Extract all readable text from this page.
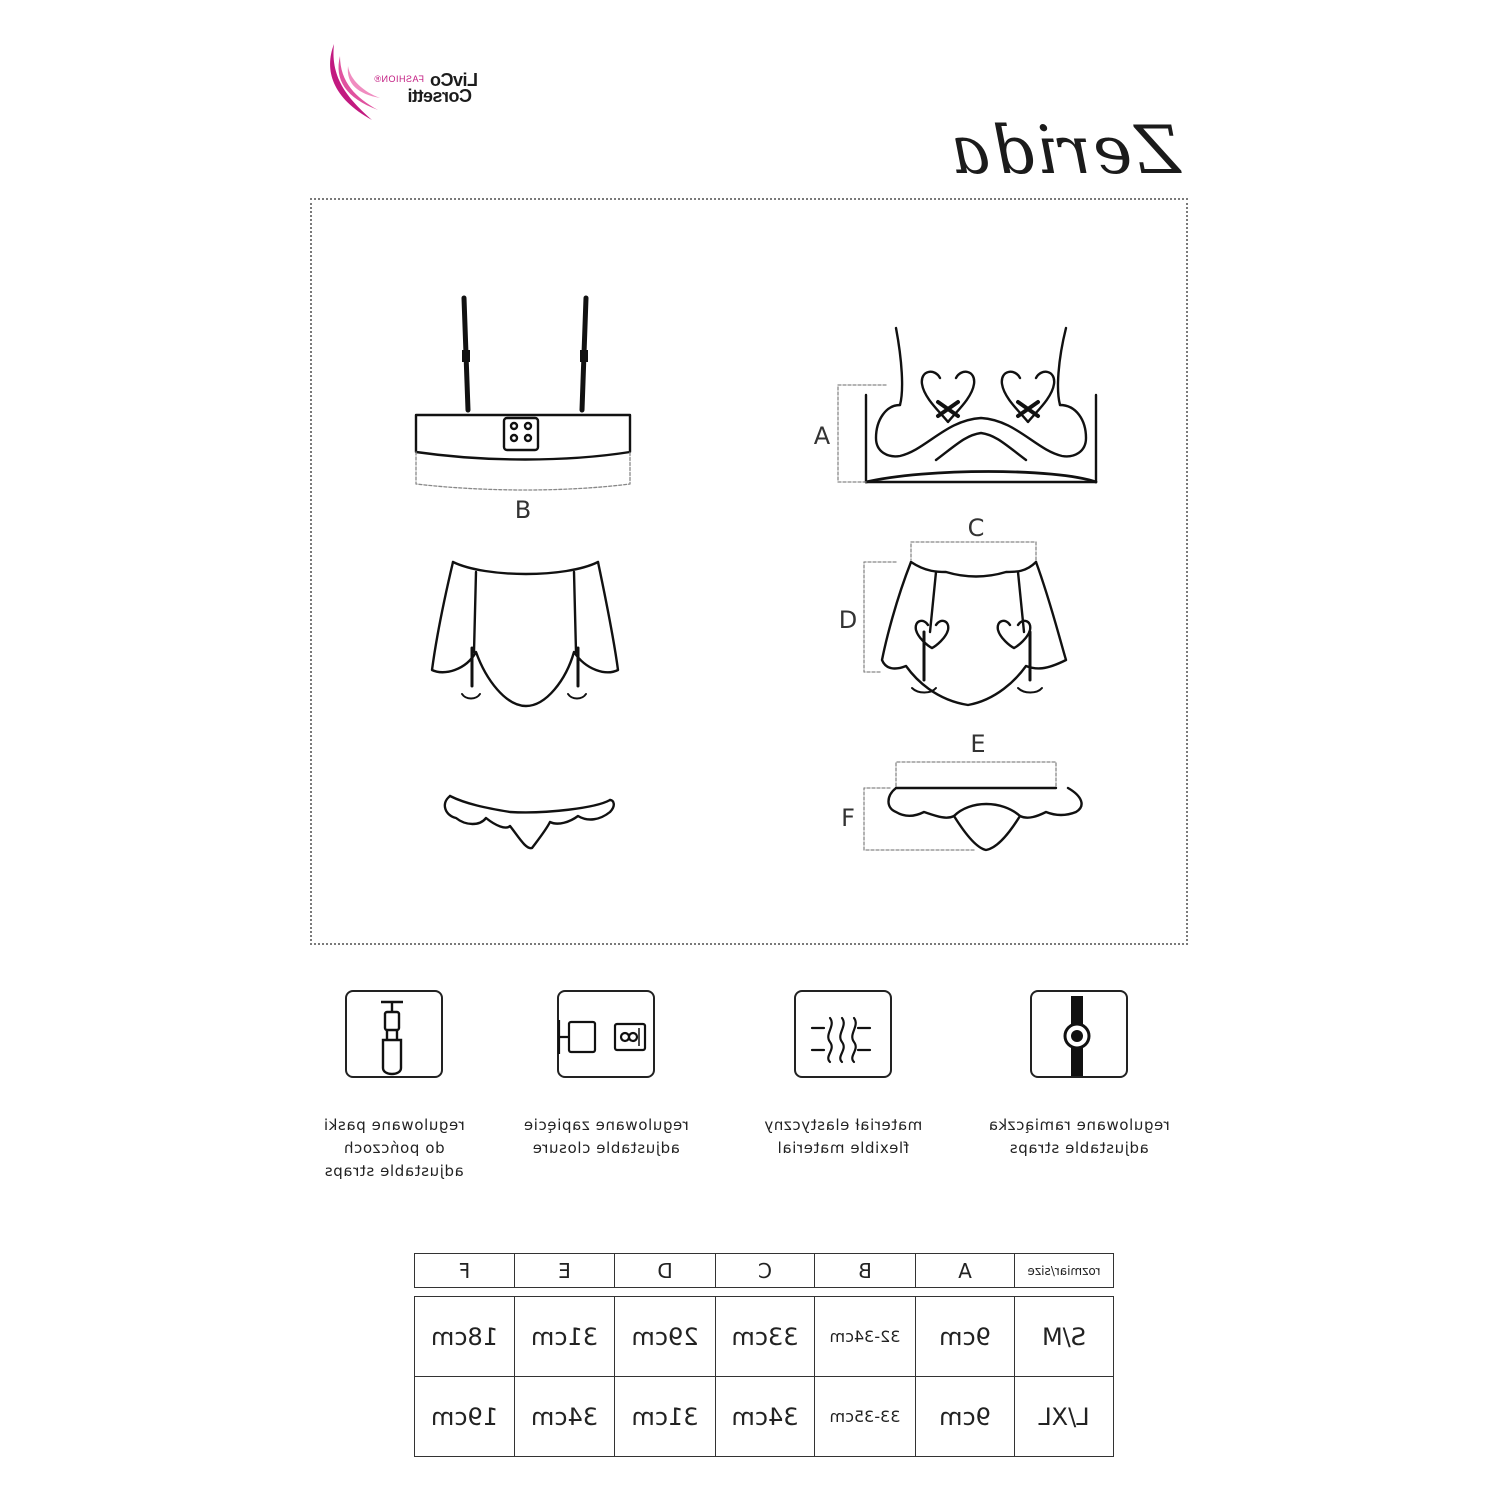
LivCo
FASHION®
Corsetti
Zerida
A
B
C
D
E
F
regulowane ramiączka
adjustable straps
materiał elastyczny
flexible material
regulowane zapięcie
adjustable closure
regulowane paski
do pończoch
adjustable straps
rozmiar/size	A	B	C	D	E	F

S/M	9cm	32-34cm	33cm	29cm	31cm	18cm
L/XL	9cm	33-35cm	34cm	31cm	34cm	19cm
